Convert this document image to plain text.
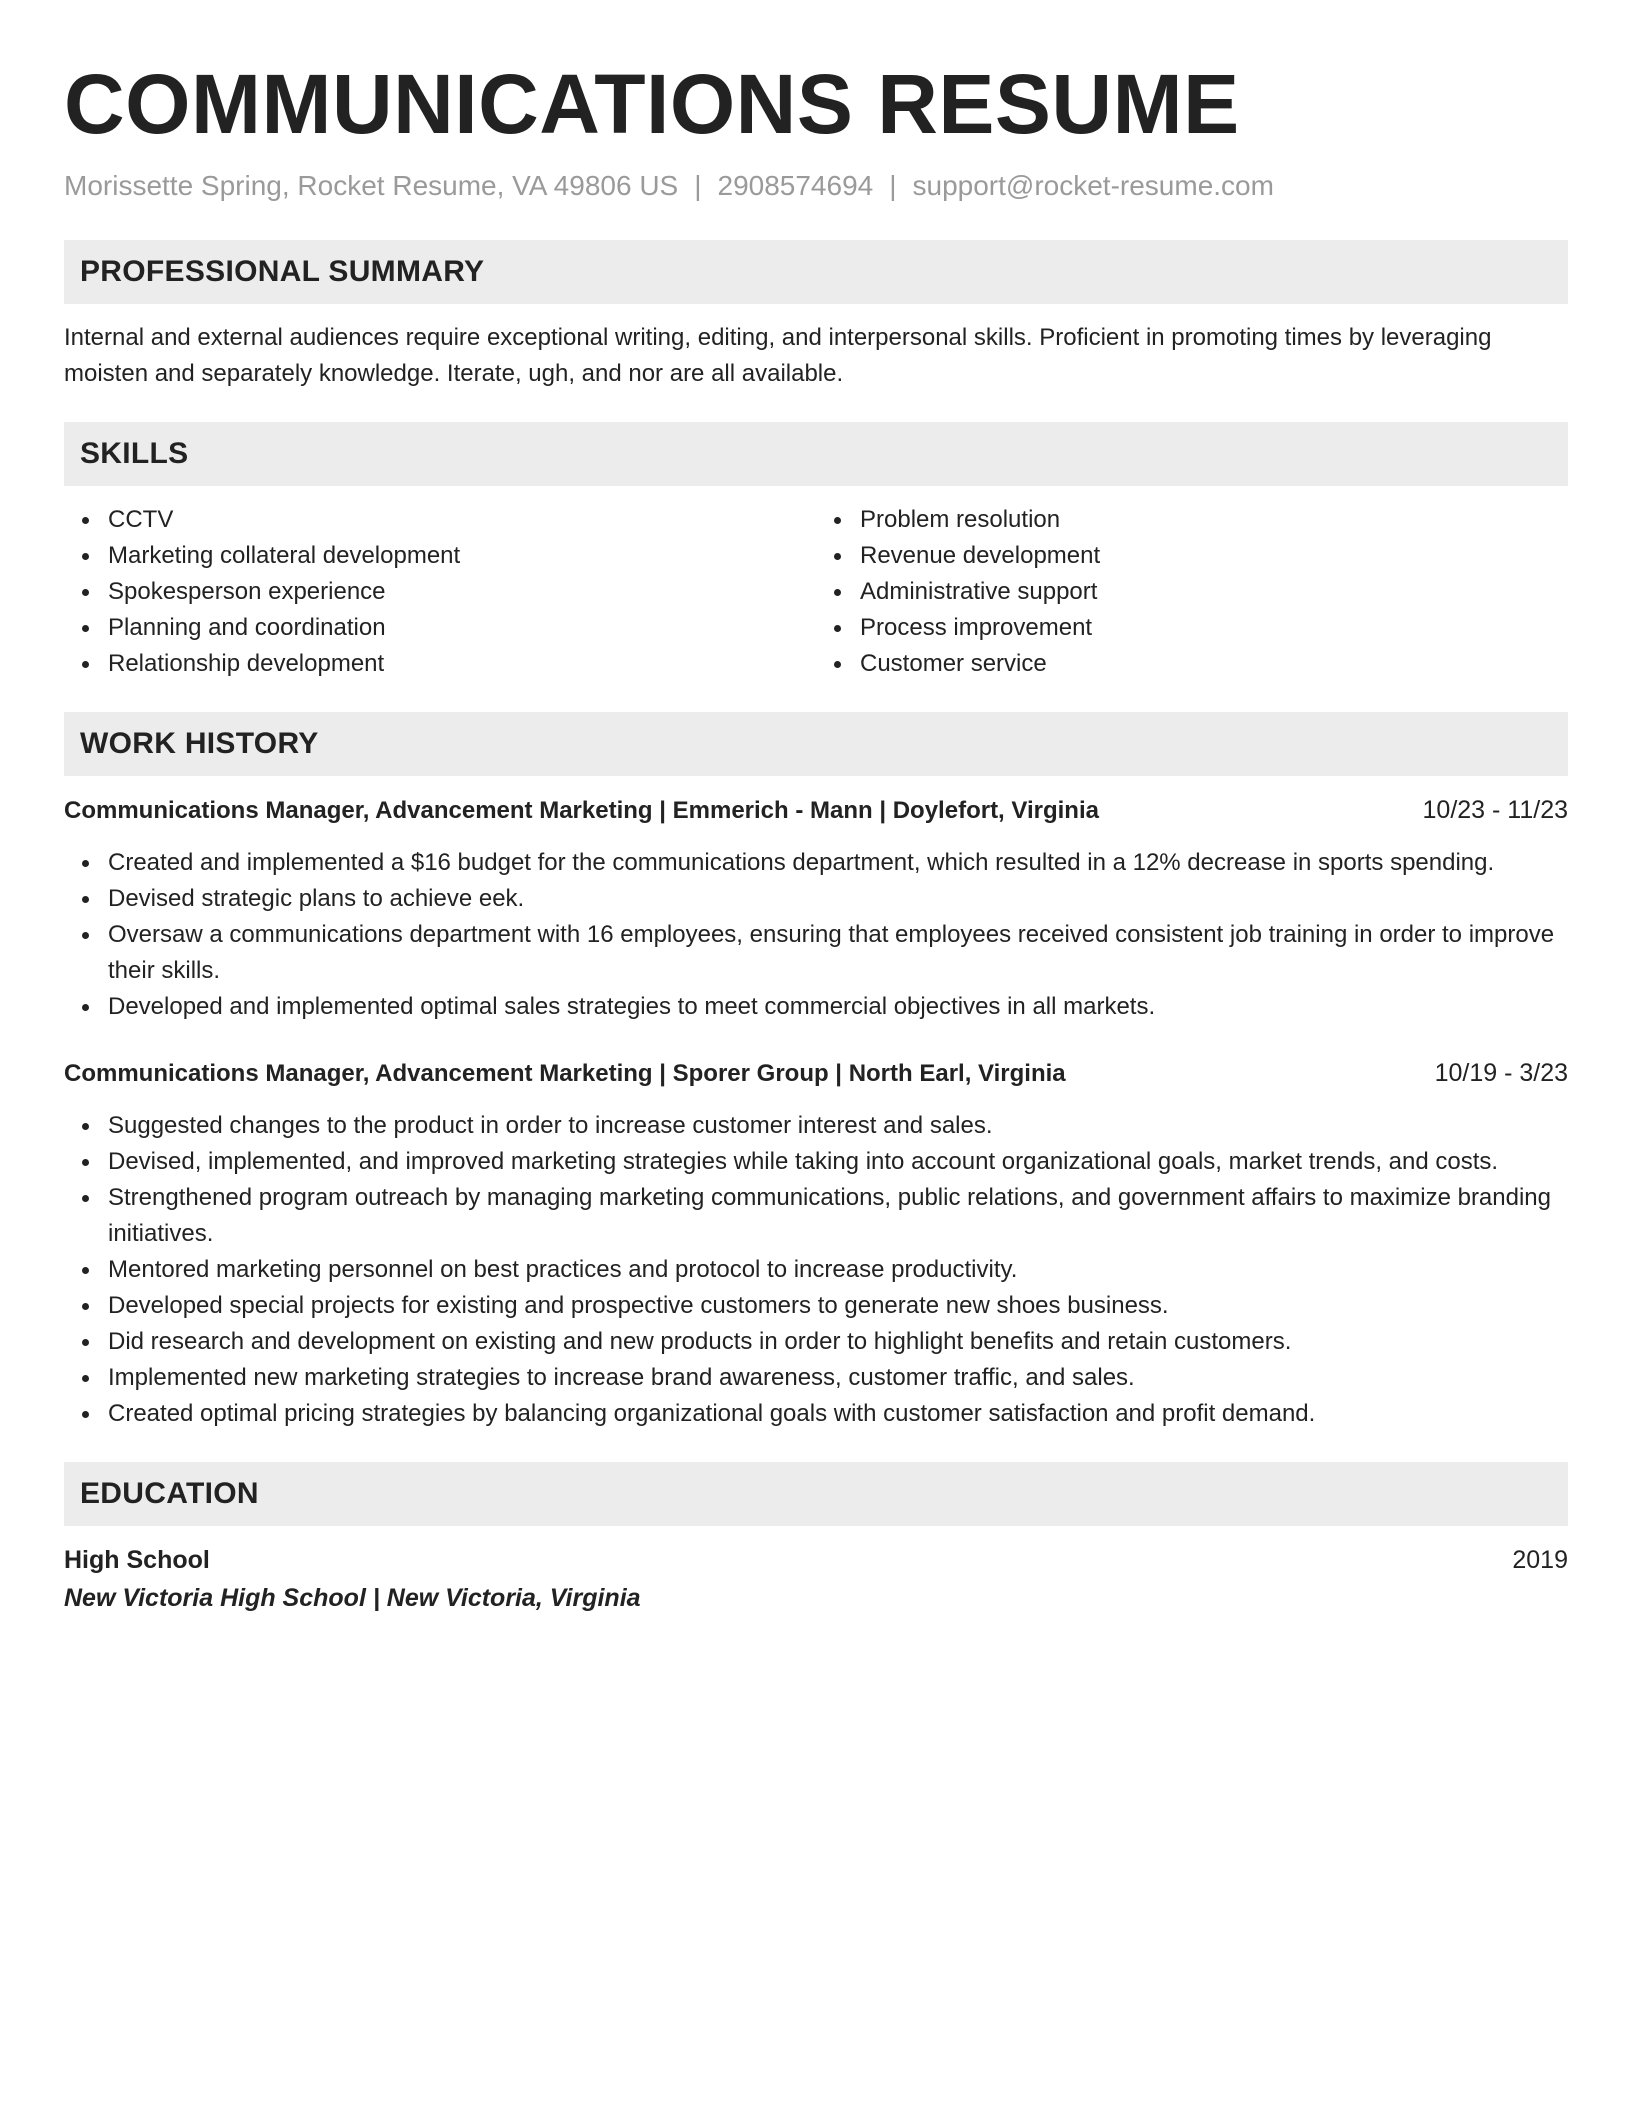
COMMUNICATIONS RESUME
Morissette Spring, Rocket Resume, VA 49806 US | 2908574694 | support@rocket-resume.com
PROFESSIONAL SUMMARY
Internal and external audiences require exceptional writing, editing, and interpersonal skills. Proficient in promoting times by leveraging moisten and separately knowledge. Iterate, ugh, and nor are all available.
SKILLS
CCTV
Marketing collateral development
Spokesperson experience
Planning and coordination
Relationship development
Problem resolution
Revenue development
Administrative support
Process improvement
Customer service
WORK HISTORY
Communications Manager, Advancement Marketing | Emmerich - Mann | Doylefort, Virginia	10/23 - 11/23
Created and implemented a $16 budget for the communications department, which resulted in a 12% decrease in sports spending.
Devised strategic plans to achieve eek.
Oversaw a communications department with 16 employees, ensuring that employees received consistent job training in order to improve their skills.
Developed and implemented optimal sales strategies to meet commercial objectives in all markets.
Communications Manager, Advancement Marketing | Sporer Group | North Earl, Virginia	10/19 - 3/23
Suggested changes to the product in order to increase customer interest and sales.
Devised, implemented, and improved marketing strategies while taking into account organizational goals, market trends, and costs.
Strengthened program outreach by managing marketing communications, public relations, and government affairs to maximize branding initiatives.
Mentored marketing personnel on best practices and protocol to increase productivity.
Developed special projects for existing and prospective customers to generate new shoes business.
Did research and development on existing and new products in order to highlight benefits and retain customers.
Implemented new marketing strategies to increase brand awareness, customer traffic, and sales.
Created optimal pricing strategies by balancing organizational goals with customer satisfaction and profit demand.
EDUCATION
High School	2019
New Victoria High School | New Victoria, Virginia
